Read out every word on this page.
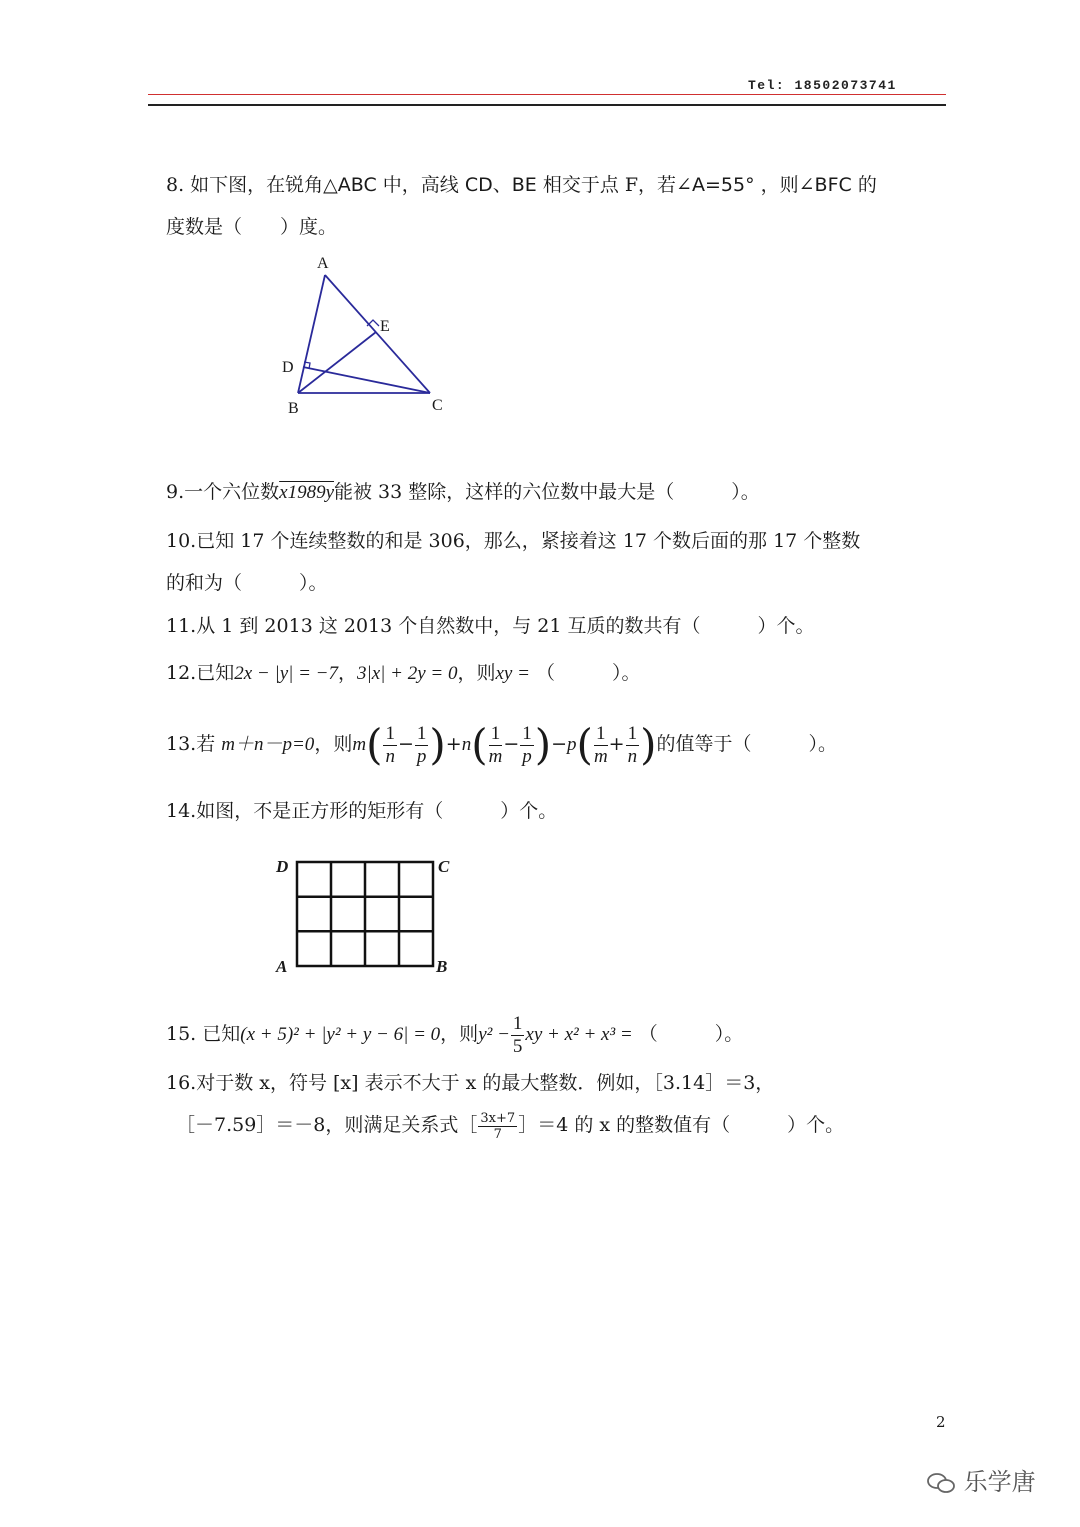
Tel: 18502073741
8. 如下图，在锐角△ABC 中，高线 CD、BE 相交于点 F，若∠A=55° ，则∠BFC 的
度数是（　　）度。
A
B	C
D
E
9.一个六位数x1989y能被 33 整除，这样的六位数中最大是（　　　）。
10.已知 17 个连续整数的和是 306，那么，紧接着这 17 个数后面的那 17 个整数
的和为（　　　）。
11.从 1 到 2013 这 2013 个自然数中，与 21 互质的数共有（　　　）个。
12.已知2x − |y| = −7，3|x| + 2y = 0，则xy = （　　　）。
13.若 m＋n－p=0，则$m( \frac{1}{n} - \frac{1}{p} )+n( \frac{1}{m} - \frac{1}{p} )-p( \frac{1}{m} + \frac{1}{n}$ )的值等于（　　　）。
14.如图，不是正方形的矩形有（　　　）个。
D	C
A	B
15. 已知(x + 5)² + |y² + y − 6| = 0，则$y^2 - \frac{1}{5}$ xy + x² + x³ = （　　　）。
16.对于数 x，符号 [x] 表示不大于 x 的最大整数．例如，［3.14］＝3，
［－7.59］＝－8，则满足关系式［ $\frac{3x+7}{7}$ ］＝4 的 x 的整数值有（　　　）个。
2
乐学唐
